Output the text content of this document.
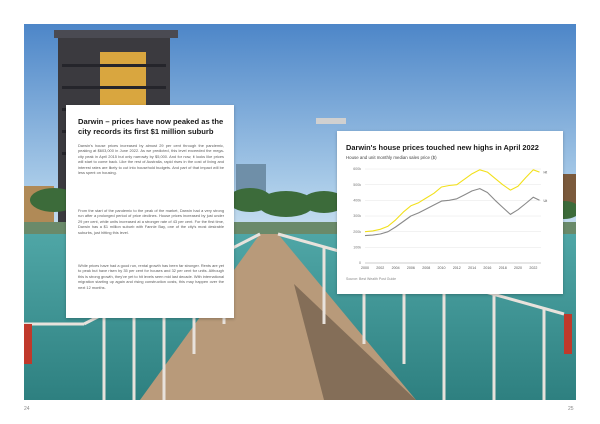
24	25
Darwin – prices have now peaked as the city records its first $1 million suburb

Darwin's house prices increased by almost 29 per cent through the pandemic, peaking at $603,000 in June 2022. As we predicted, this level exceeded the mega-city peak in April 2015 but only narrowly by $5,000. And for now, it looks like prices will start to come back. Like the rest of Australia, rapid rises in the cost of living and interest rates are likely to cut into household budgets. And part of that impact will be less spent on housing.

From the start of the pandemic to the peak of the market, Darwin had a very strong run after a prolonged period of price declines. House prices increased by just under 29 per cent, while units increased at a stronger rate of 43 per cent. For the first time, Darwin has a $1 million suburb with Fannie Bay, one of the city's most desirable suburbs, just hitting this level.

While prices have had a good run, rental growth has been far stronger. Rents are yet to peak but have risen by 35 per cent for houses and 32 per cent for units. Although this is strong growth, they've yet to hit levels seen mid last decade. With international migration starting up again and rising construction costs, this may happen over the next 12 months.

Darwin's house prices touched new highs in April 2022
House and unit monthly median sales price ($)
0
100k
200k
300k
400k
500k
600k
2000 2002 2004 2006 2008 2010 2012 2014 2016 2018 2020 2022
Ht
Ut
Source: Best Wealth Post Guide
